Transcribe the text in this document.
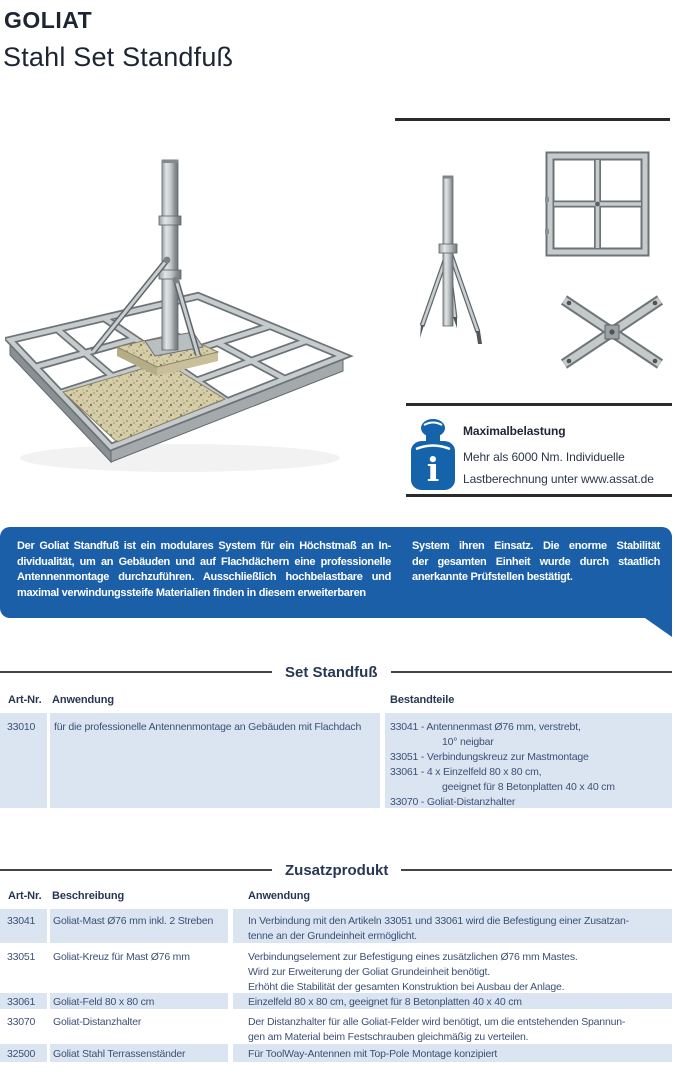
GOLIAT
Stahl Set Standfuß
i
Maximalbelastung
Mehr als 6000 Nm. Individuelle
Lastberechnung unter www.assat.de
Der Goliat Standfuß ist ein modulares System für ein Höchstmaß an In-
dividualität, um an Gebäuden und auf Flachdächern eine professionelle
Antennenmontage durchzuführen. Ausschließlich hochbelastbare und
maximal verwindungssteife Materialien finden in diesem erweiterbaren
System ihren Einsatz. Die enorme Stabilität
der gesamten Einheit wurde durch staatlich
anerkannte Prüfstellen bestätigt.
Set Standfuß
Art-Nr. Anwendung	Bestandteile
33010	für die professionelle Antennenmontage an Gebäuden mit Flachdach	33041 - Antennenmast Ø76 mm, verstrebt,
10° neigbar
33051 - Verbindungskreuz zur Mastmontage
33061 - 4 x Einzelfeld 80 x 80 cm,
geeignet für 8 Betonplatten 40 x 40 cm
33070 - Goliat-Distanzhalter
Zusatzprodukt
Art-Nr. Beschreibung	Anwendung
33041	Goliat-Mast Ø76 mm inkl. 2 Streben	In Verbindung mit den Artikeln 33051 und 33061 wird die Befestigung einer Zusatzan-
tenne an der Grundeinheit ermöglicht.
33051	Goliat-Kreuz für Mast Ø76 mm	Verbindungselement zur Befestigung eines zusätzlichen Ø76 mm Mastes.
Wird zur Erweiterung der Goliat Grundeinheit benötigt.
Erhöht die Stabilität der gesamten Konstruktion bei Ausbau der Anlage.
33061	Goliat-Feld 80 x 80 cm	Einzelfeld 80 x 80 cm, geeignet für 8 Betonplatten 40 x 40 cm
33070	Goliat-Distanzhalter	Der Distanzhalter für alle Goliat-Felder wird benötigt, um die entstehenden Spannun-
gen am Material beim Festschrauben gleichmäßig zu verteilen.
32500	Goliat Stahl Terrassenständer	Für ToolWay-Antennen mit Top-Pole Montage konzipiert
